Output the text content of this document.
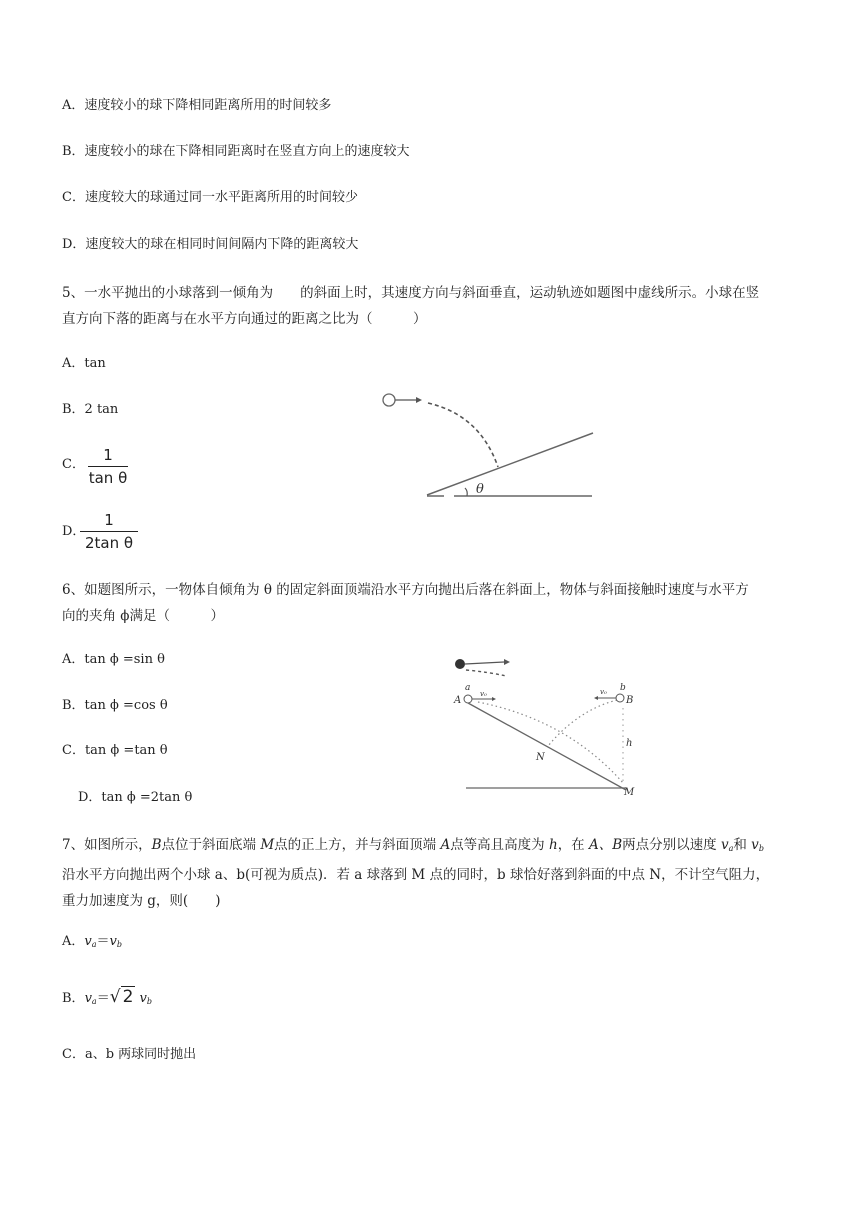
A．速度较小的球下降相同距离所用的时间较多
B．速度较小的球在下降相同距离时在竖直方向上的速度较大
C．速度较大的球通过同一水平距离所用的时间较少
D．速度较大的球在相同时间间隔内下降的距离较大
5、一水平抛出的小球落到一倾角为　　的斜面上时，其速度方向与斜面垂直，运动轨迹如题图中虚线所示。小球在竖
直方向下落的距离与在水平方向通过的距离之比为（　　　）
A．tan
B．2 tan
C．
1
tan θ
D．
1
2tan θ
θ
6、如题图所示，一物体自倾角为 θ 的固定斜面顶端沿水平方向抛出后落在斜面上，物体与斜面接触时速度与水平方
向的夹角 ϕ满足（　　　）
A．tan ϕ =sin θ
B．tan ϕ =cos θ
C．tan ϕ =tan θ
D．tan ϕ =2tan θ
a
A
v₀	v₀ b
B
h
N
M
7、如图所示，B点位于斜面底端 M点的正上方，并与斜面顶端 A点等高且高度为 h，在 A、B两点分别以速度 $v_a$和 $v_b$
沿水平方向抛出两个小球 a、b(可视为质点)．若 a 球落到 M 点的同时，b 球恰好落到斜面的中点 N，不计空气阻力，
重力加速度为 g，则(　　)
A．$v_a=v_b$
B．$v_a=√$ 2 $v_b$
C．a、b 两球同时抛出
